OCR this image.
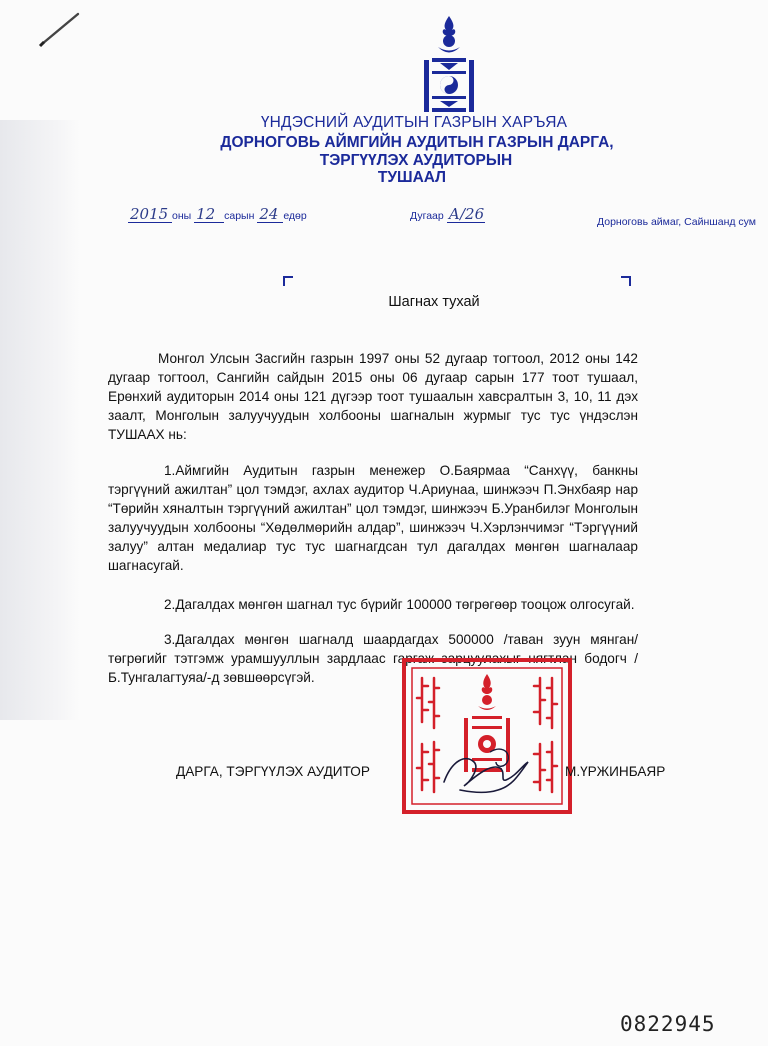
ҮНДЭСНИЙ АУДИТЫН ГАЗРЫН ХАРЪЯА
ДОРНОГОВЬ АЙМГИЙН АУДИТЫН ГАЗРЫН ДАРГА,
ТЭРГҮҮЛЭХ АУДИТОРЫН
ТУШААЛ
2015 оны 12 сарын 24 едөр	Дугаар А/26	Дорноговь аймаг, Сайншанд сум
Шагнах тухай
Монгол Улсын Засгийн газрын 1997 оны 52 дугаар тогтоол, 2012 оны 142 дугаар тогтоол, Сангийн сайдын 2015 оны 06 дугаар сарын 177 тоот тушаал, Ерөнхий аудиторын 2014 оны 121 дүгээр тоот тушаалын хавсралтын 3, 10, 11 дэх заалт, Монголын залуучуудын холбооны шагналын журмыг тус тус үндэслэн ТУШААХ нь:
1.Аймгийн Аудитын газрын менежер О.Баярмаа “Санхүү, банкны тэргүүний ажилтан” цол тэмдэг, ахлах аудитор Ч.Ариунаа, шинжээч П.Энхбаяр нар “Төрийн хяналтын тэргүүний ажилтан” цол тэмдэг, шинжээч Б.Уранбилэг Монголын залуучуудын холбооны “Хөдөлмөрийн алдар”, шинжээч Ч.Хэрлэнчимэг “Тэргүүний залуу” алтан медалиар тус тус шагнагдсан тул дагалдах мөнгөн шагналаар шагнасугай.
2.Дагалдах мөнгөн шагнал тус бүрийг 100000 төгрөгөөр тооцож олгосугай.
3.Дагалдах мөнгөн шагналд шаардагдах 500000 /таван зуун мянган/ төгрөгийг тэтгэмж урамшууллын зардлаас гаргаж зарцуулахыг нягтлан бодогч /Б.Тунгалагтуяа/-д зөвшөөрсүгэй.
ДАРГА, ТЭРГҮҮЛЭХ АУДИТОР	М.ҮРЖИНБАЯР
0822945
